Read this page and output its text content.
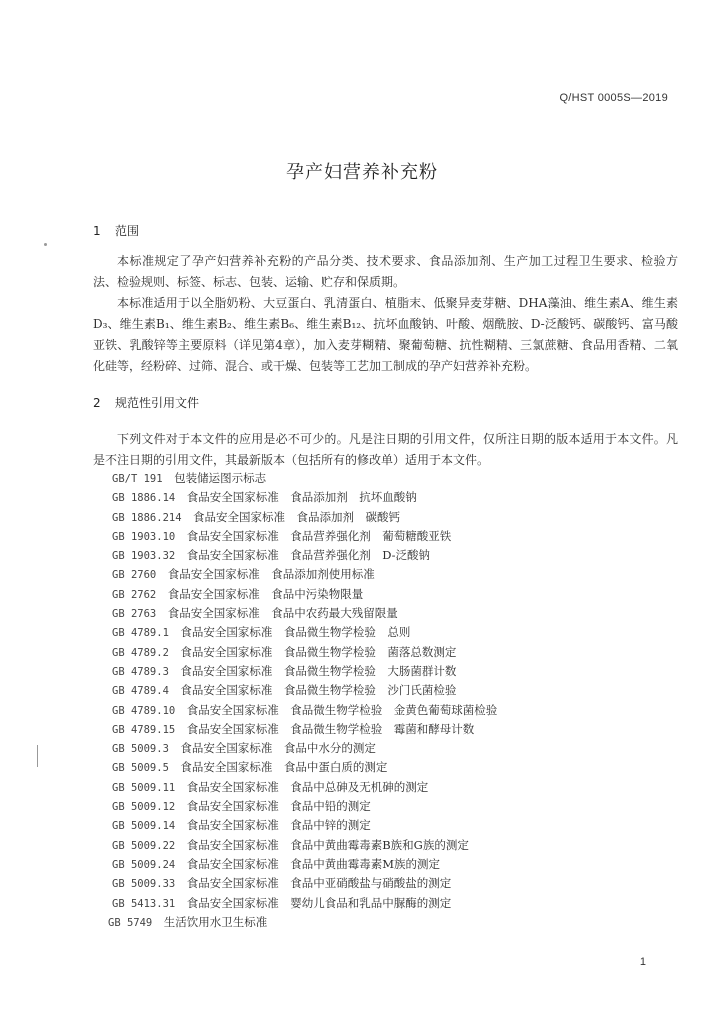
Q/HST 0005S—2019
孕产妇营养补充粉
1 范围

本标准规定了孕产妇营养补充粉的产品分类、技术要求、食品添加剂、生产加工过程卫生要求、检验方法、检验规则、标签、标志、包装、运输、贮存和保质期。

本标准适用于以全脂奶粉、大豆蛋白、乳清蛋白、植脂末、低聚异麦芽糖、DHA藻油、维生素A、维生素D₃、维生素B₁、维生素B₂、维生素B₆、维生素B₁₂、抗坏血酸钠、叶酸、烟酰胺、D-泛酸钙、碳酸钙、富马酸亚铁、乳酸锌等主要原料（详见第4章），加入麦芽糊精、聚葡萄糖、抗性糊精、三氯蔗糖、食品用香精、二氧化硅等，经粉碎、过筛、混合、或干燥、包装等工艺加工制成的孕产妇营养补充粉。

2 规范性引用文件

下列文件对于本文件的应用是必不可少的。凡是注日期的引用文件，仅所注日期的版本适用于本文件。凡是不注日期的引用文件，其最新版本（包括所有的修改单）适用于本文件。

GB/T 191　 包装储运图示标志
GB 1886.14　 食品安全国家标准　食品添加剂　抗坏血酸钠
GB 1886.214　 食品安全国家标准　食品添加剂　碳酸钙
GB 1903.10　 食品安全国家标准　食品营养强化剂　葡萄糖酸亚铁
GB 1903.32　 食品安全国家标准　食品营养强化剂　D-泛酸钠
GB 2760　 食品安全国家标准　食品添加剂使用标准
GB 2762　 食品安全国家标准　食品中污染物限量
GB 2763　 食品安全国家标准　食品中农药最大残留限量
GB 4789.1　 食品安全国家标准　食品微生物学检验　总则
GB 4789.2　 食品安全国家标准　食品微生物学检验　菌落总数测定
GB 4789.3　 食品安全国家标准　食品微生物学检验　大肠菌群计数
GB 4789.4　 食品安全国家标准　食品微生物学检验　沙门氏菌检验
GB 4789.10　 食品安全国家标准　食品微生物学检验　金黄色葡萄球菌检验
GB 4789.15　 食品安全国家标准　食品微生物学检验　霉菌和酵母计数
GB 5009.3　 食品安全国家标准　食品中水分的测定
GB 5009.5　 食品安全国家标准　食品中蛋白质的测定
GB 5009.11　 食品安全国家标准　食品中总砷及无机砷的测定
GB 5009.12　 食品安全国家标准　食品中铅的测定
GB 5009.14　 食品安全国家标准　食品中锌的测定
GB 5009.22　 食品安全国家标准　食品中黄曲霉毒素B族和G族的测定
GB 5009.24　 食品安全国家标准　食品中黄曲霉毒素M族的测定
GB 5009.33　 食品安全国家标准　食品中亚硝酸盐与硝酸盐的测定
GB 5413.31　 食品安全国家标准　婴幼儿食品和乳品中脲酶的测定
GB 5749　 生活饮用水卫生标准
1
